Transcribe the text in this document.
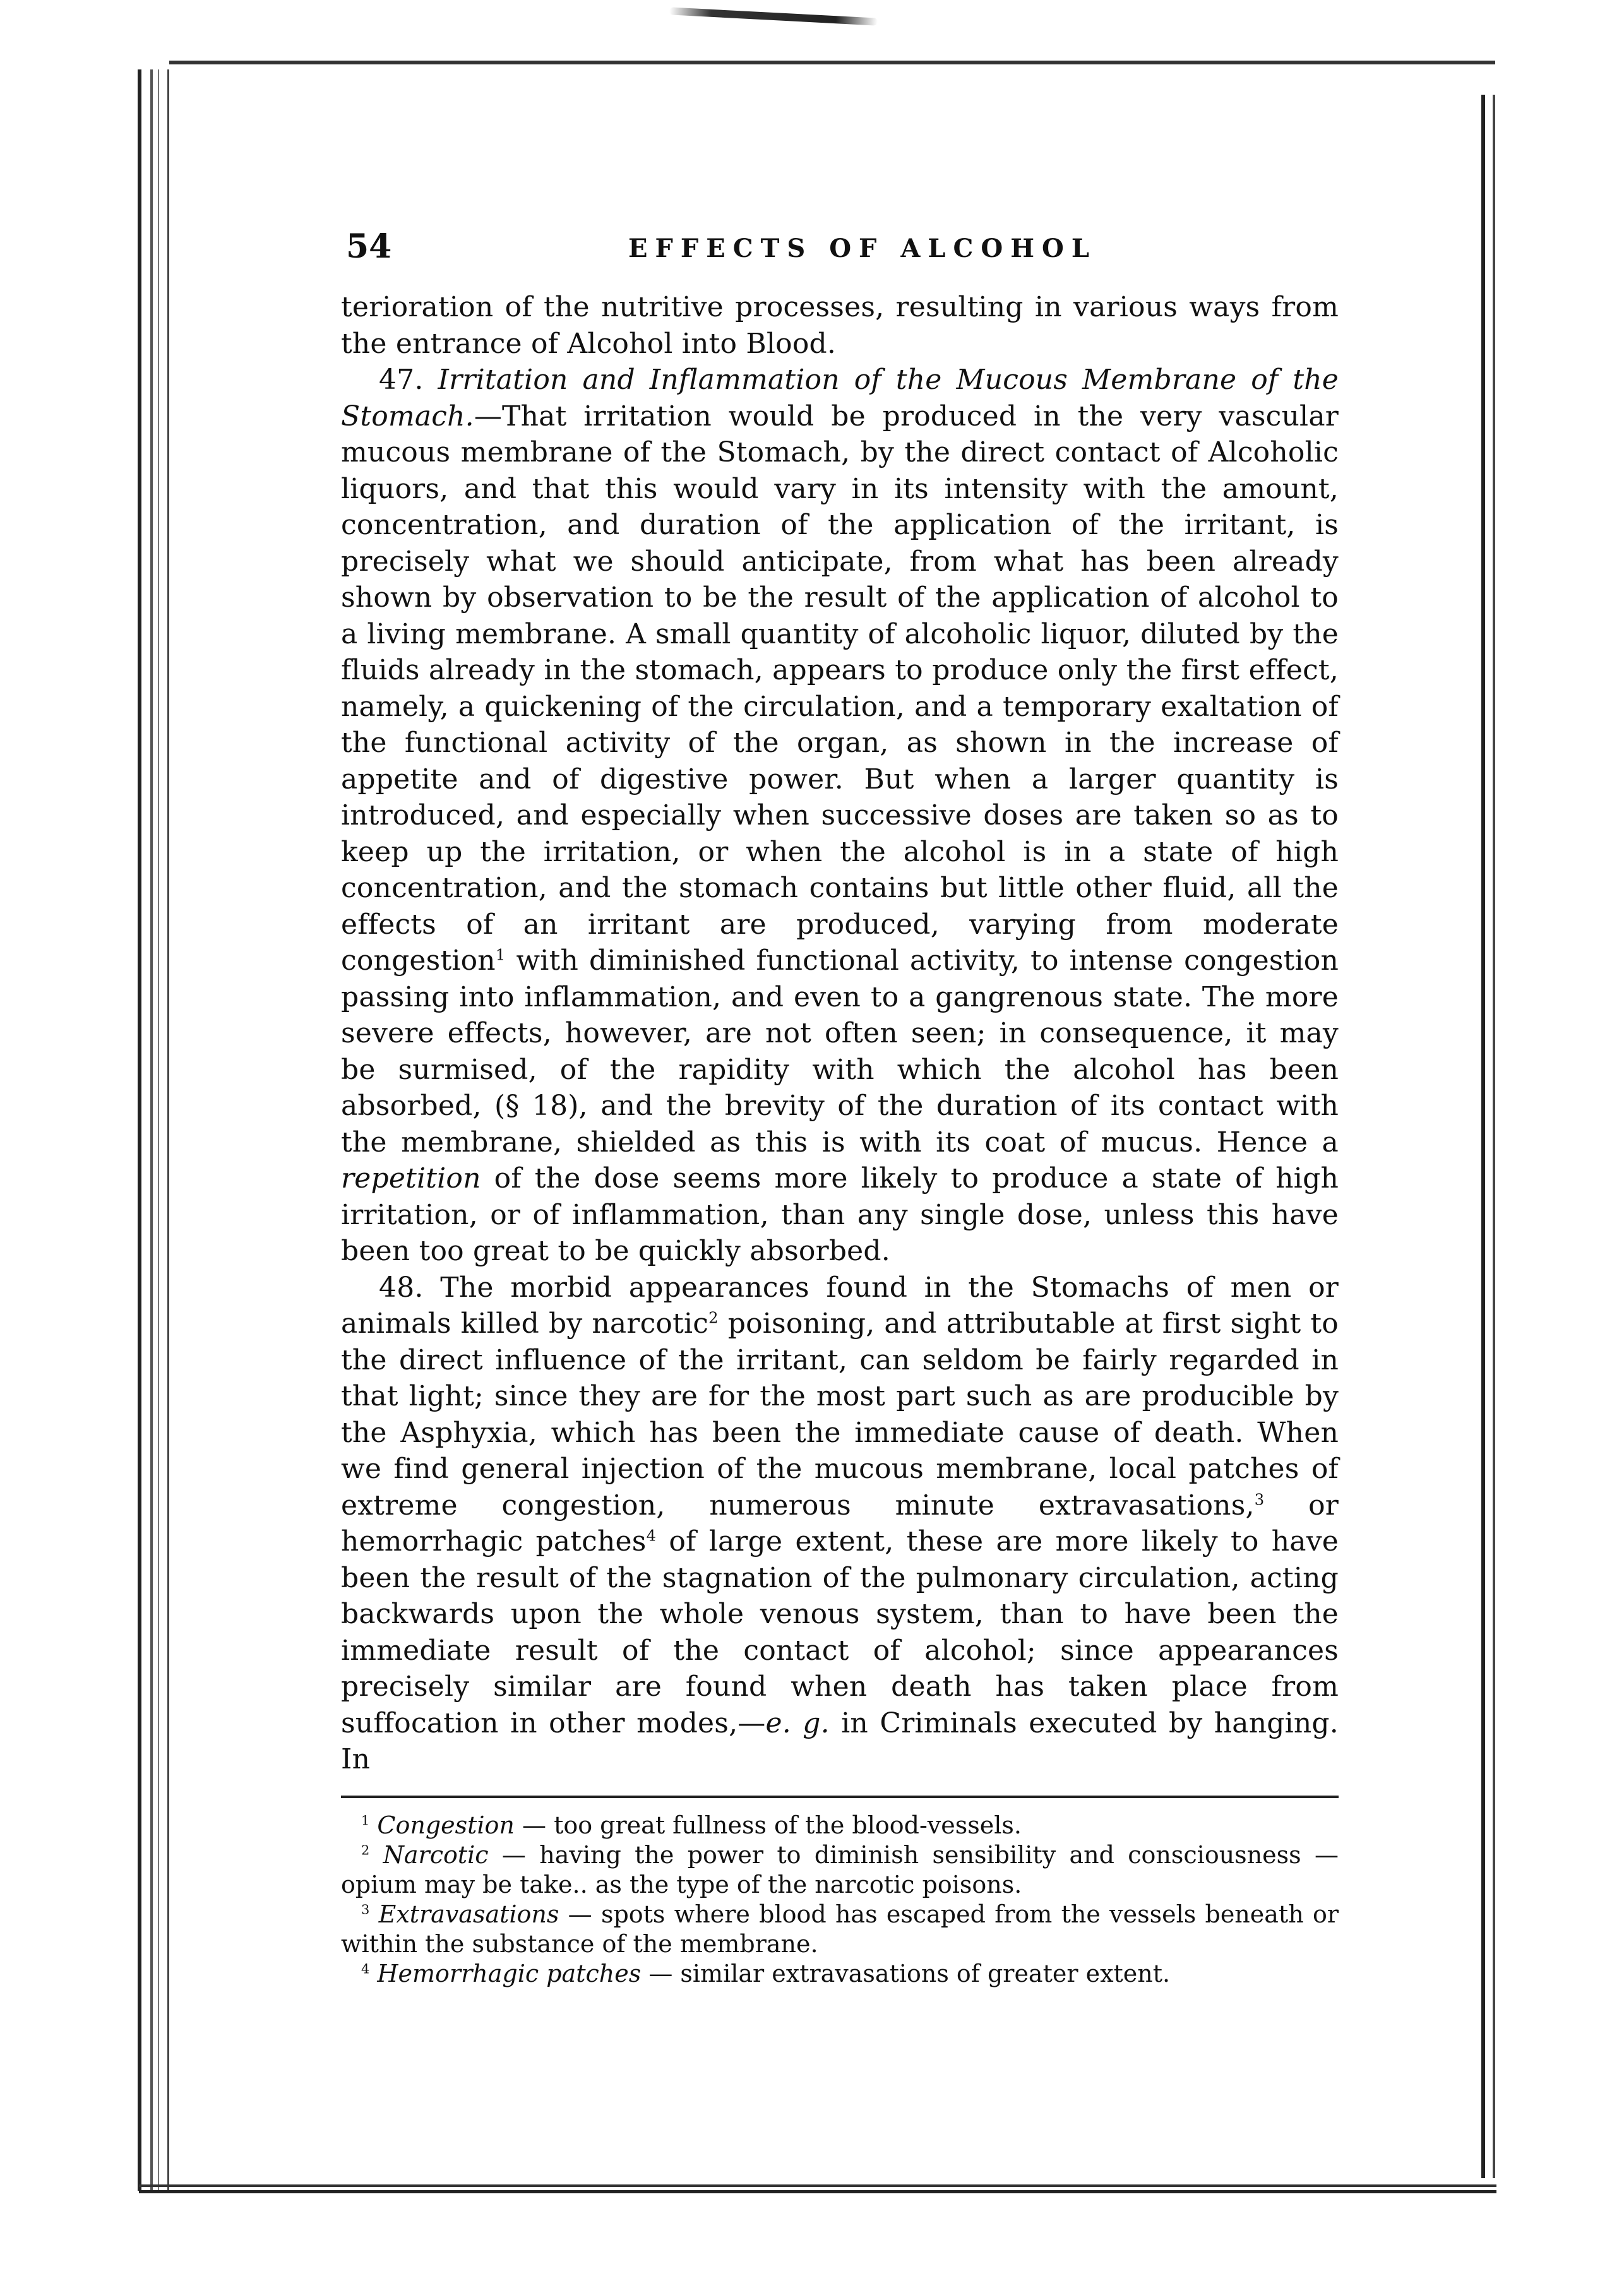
54	EFFECTS OF ALCOHOL

terioration of the nutritive processes, resulting in various ways from the entrance of Alcohol into Blood.

47. Irritation and Inflammation of the Mucous Membrane of the Stomach.—That irritation would be produced in the very vascular mucous membrane of the Stomach, by the direct contact of Alcoholic liquors, and that this would vary in its intensity with the amount, concentration, and duration of the application of the irritant, is precisely what we should anticipate, from what has been already shown by observation to be the result of the application of alcohol to a living membrane. A small quantity of alcoholic liquor, diluted by the fluids already in the stomach, appears to produce only the first effect, namely, a quickening of the circulation, and a temporary exaltation of the functional activity of the organ, as shown in the increase of appetite and of digestive power. But when a larger quantity is introduced, and especially when successive doses are taken so as to keep up the irritation, or when the alcohol is in a state of high concentration, and the stomach contains but little other fluid, all the effects of an irritant are produced, varying from moderate congestion$^1$ with diminished functional activity, to intense congestion passing into inflammation, and even to a gangrenous state. The more severe effects, however, are not often seen; in consequence, it may be surmised, of the rapidity with which the alcohol has been absorbed, (§ 18), and the brevity of the duration of its contact with the membrane, shielded as this is with its coat of mucus. Hence a repetition of the dose seems more likely to produce a state of high irritation, or of inflammation, than any single dose, unless this have been too great to be quickly absorbed.

48. The morbid appearances found in the Stomachs of men or animals killed by narcotic$^2$ poisoning, and attributable at first sight to the direct influence of the irritant, can seldom be fairly regarded in that light; since they are for the most part such as are producible by the Asphyxia, which has been the immediate cause of death. When we find general injection of the mucous membrane, local patches of extreme congestion, numerous minute extravasations,$^3$ or hemorrhagic patches$^4$ of large extent, these are more likely to have been the result of the stagnation of the pulmonary circulation, acting backwards upon the whole venous system, than to have been the immediate result of the contact of alcohol; since appearances precisely similar are found when death has taken place from suffocation in other modes,—e. g. in Criminals executed by hanging. In

$^1$ Congestion — too great fullness of the blood-vessels.

$^2$ Narcotic — having the power to diminish sensibility and consciousness —opium may be take.. as the type of the narcotic poisons.

$^3$ Extravasations — spots where blood has escaped from the vessels beneath or within the substance of the membrane.

$^4$ Hemorrhagic patches — similar extravasations of greater extent.
